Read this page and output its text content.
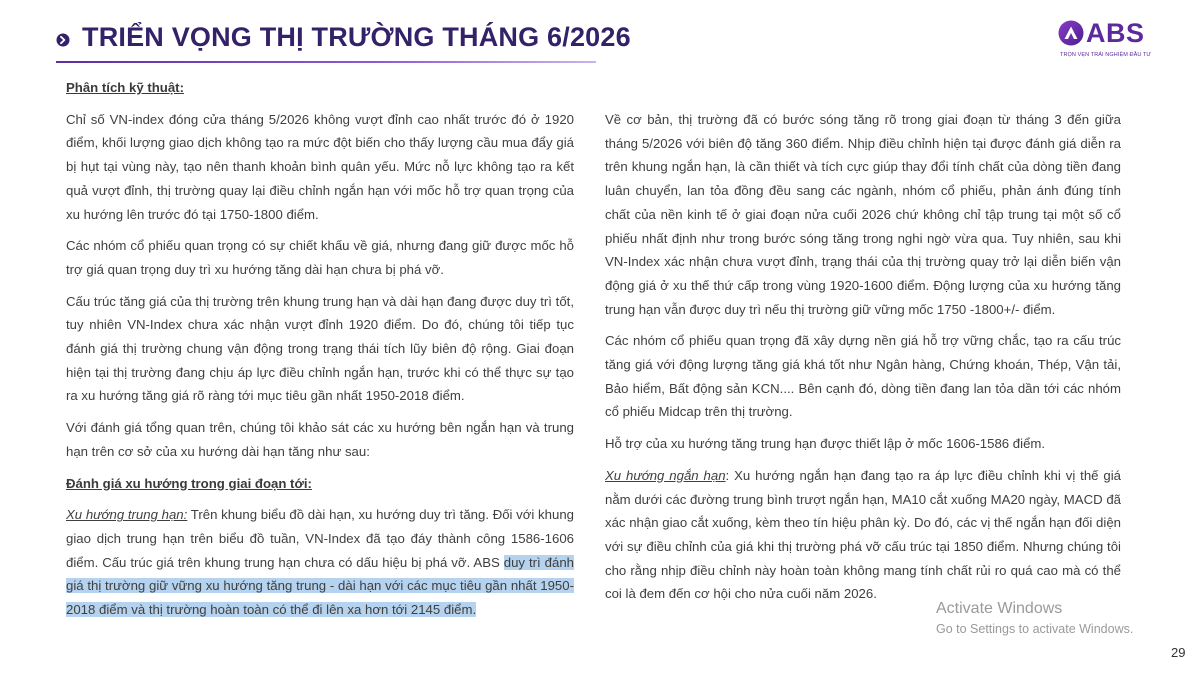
TRIỂN VỌNG THỊ TRƯỜNG THÁNG 6/2026	ABS
TRỌN VẸN TRẢI NGHIỆM ĐẦU TƯ

Phân tích kỹ thuật:

Chỉ số VN-index đóng cửa tháng 5/2026 không vượt đỉnh cao nhất trước đó ở 1920 điểm, khối lượng giao dịch không tạo ra mức đột biến cho thấy lượng cầu mua đẩy giá bị hụt tại vùng này, tạo nên thanh khoản bình quân yếu. Mức nỗ lực không tạo ra kết quả vượt đỉnh, thị trường quay lại điều chỉnh ngắn hạn với mốc hỗ trợ quan trọng của xu hướng lên trước đó tại 1750-1800 điểm.

Các nhóm cổ phiếu quan trọng có sự chiết khấu về giá, nhưng đang giữ được mốc hỗ trợ giá quan trọng duy trì xu hướng tăng dài hạn chưa bị phá vỡ.

Cấu trúc tăng giá của thị trường trên khung trung hạn và dài hạn đang được duy trì tốt, tuy nhiên VN-Index chưa xác nhận vượt đỉnh 1920 điểm. Do đó, chúng tôi tiếp tục đánh giá thị trường chung vận động trong trạng thái tích lũy biên độ rộng. Giai đoạn hiện tại thị trường đang chịu áp lực điều chỉnh ngắn hạn, trước khi có thể thực sự tạo ra xu hướng tăng giá rõ ràng tới mục tiêu gần nhất 1950-2018 điểm.

Với đánh giá tổng quan trên, chúng tôi khảo sát các xu hướng bên ngắn hạn và trung hạn trên cơ sở của xu hướng dài hạn tăng như sau:

Đánh giá xu hướng trong giai đoạn tới:

Xu hướng trung hạn: Trên khung biểu đồ dài hạn, xu hướng duy trì tăng. Đối với khung giao dịch trung hạn trên biểu đồ tuần, VN-Index đã tạo đáy thành công 1586-1606 điểm. Cấu trúc giá trên khung trung hạn chưa có dấu hiệu bị phá vỡ. ABS duy trì đánh giá thị trường giữ vững xu hướng tăng trung - dài hạn với các mục tiêu gần nhất 1950-2018 điểm và thị trường hoàn toàn có thể đi lên xa hơn tới 2145 điểm.

Về cơ bản, thị trường đã có bước sóng tăng rõ trong giai đoạn từ tháng 3 đến giữa tháng 5/2026 với biên độ tăng 360 điểm. Nhịp điều chỉnh hiện tại được đánh giá diễn ra trên khung ngắn hạn, là cần thiết và tích cực giúp thay đổi tính chất của dòng tiền đang luân chuyển, lan tỏa đồng đều sang các ngành, nhóm cổ phiếu, phản ánh đúng tính chất của nền kinh tế ở giai đoạn nửa cuối 2026 chứ không chỉ tập trung tại một số cổ phiếu nhất định như trong bước sóng tăng trong nghi ngờ vừa qua. Tuy nhiên, sau khi VN-Index xác nhận chưa vượt đỉnh, trạng thái của thị trường quay trở lại diễn biến vận động giá ở xu thế thứ cấp trong vùng 1920-1600 điểm. Động lượng của xu hướng tăng trung hạn vẫn được duy trì nếu thị trường giữ vững mốc 1750 -1800+/- điểm.

Các nhóm cổ phiếu quan trọng đã xây dựng nền giá hỗ trợ vững chắc, tạo ra cấu trúc tăng giá với động lượng tăng giá khá tốt như Ngân hàng, Chứng khoán, Thép, Vận tải, Bảo hiểm, Bất động sản KCN.... Bên cạnh đó, dòng tiền đang lan tỏa dần tới các nhóm cổ phiếu Midcap trên thị trường.

Hỗ trợ của xu hướng tăng trung hạn được thiết lập ở mốc 1606-1586 điểm.

Xu hướng ngắn hạn: Xu hướng ngắn hạn đang tạo ra áp lực điều chỉnh khi vị thế giá nằm dưới các đường trung bình trượt ngắn hạn, MA10 cắt xuống MA20 ngày, MACD đã xác nhận giao cắt xuống, kèm theo tín hiệu phân kỳ. Do đó, các vị thế ngắn hạn đối diện với sự điều chỉnh của giá khi thị trường phá vỡ cấu trúc tại 1850 điểm. Nhưng chúng tôi cho rằng nhịp điều chỉnh này hoàn toàn không mang tính chất rủi ro quá cao mà có thể coi là đem đến cơ hội cho nửa cuối năm 2026.

Activate Windows
Go to Settings to activate Windows.
29
